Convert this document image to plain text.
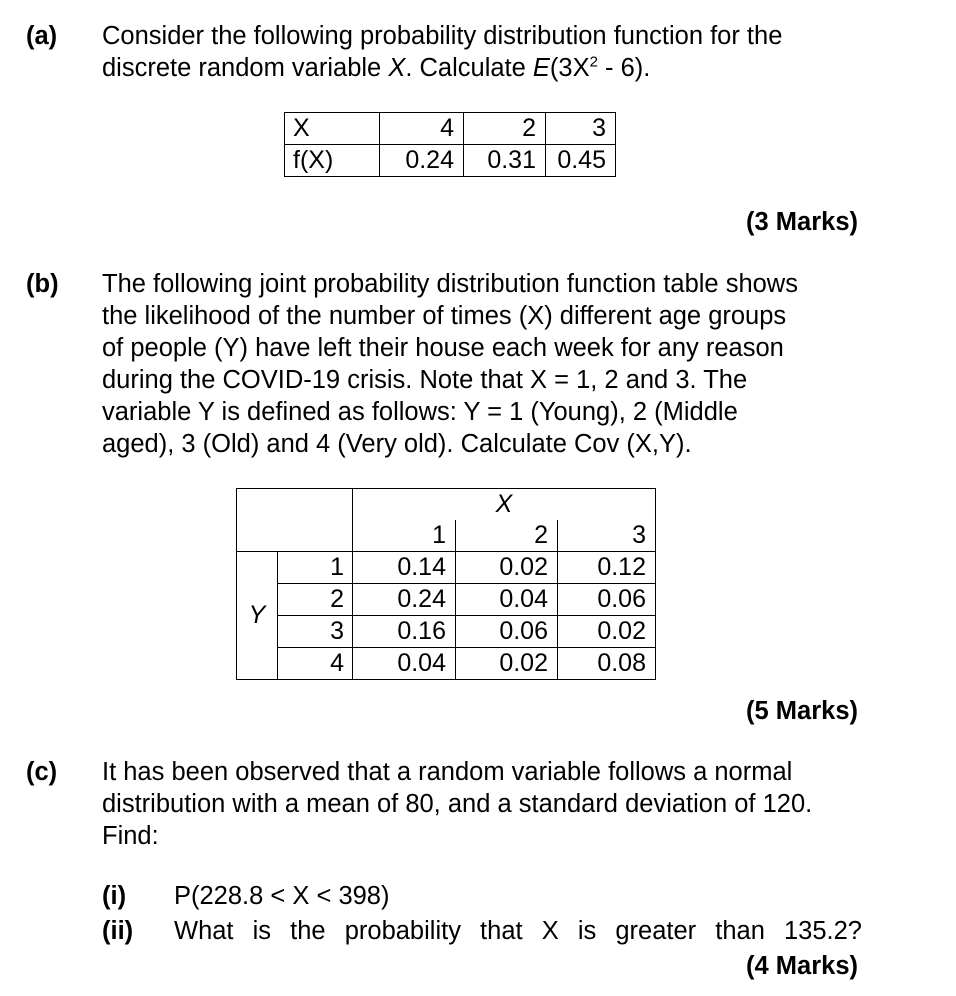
(a) Consider the following probability distribution function for the
discrete random variable X. Calculate $E(3X^2 - 6)$.
X	4	2	3
f(X)	0.24	0.31	0.45
(3 Marks)
(b) The following joint probability distribution function table shows
the likelihood of the number of times (X) different age groups
of people (Y) have left their house each week for any reason
during the COVID-19 crisis. Note that X = 1, 2 and 3. The
variable Y is defined as follows: Y = 1 (Young), 2 (Middle
aged), 3 (Old) and 4 (Very old). Calculate Cov (X,Y).
		X		
		1	2	3
Y	1	0.14	0.02	0.12
	2	0.24	0.04	0.06
	3	0.16	0.06	0.02
	4	0.04	0.02	0.08
(5 Marks)
(c) It has been observed that a random variable follows a normal
distribution with a mean of 80, and a standard deviation of 120.
Find:
(i) P(228.8 < X < 398)
(ii) What is the probability that X is greater than 135.2?
(4 Marks)
